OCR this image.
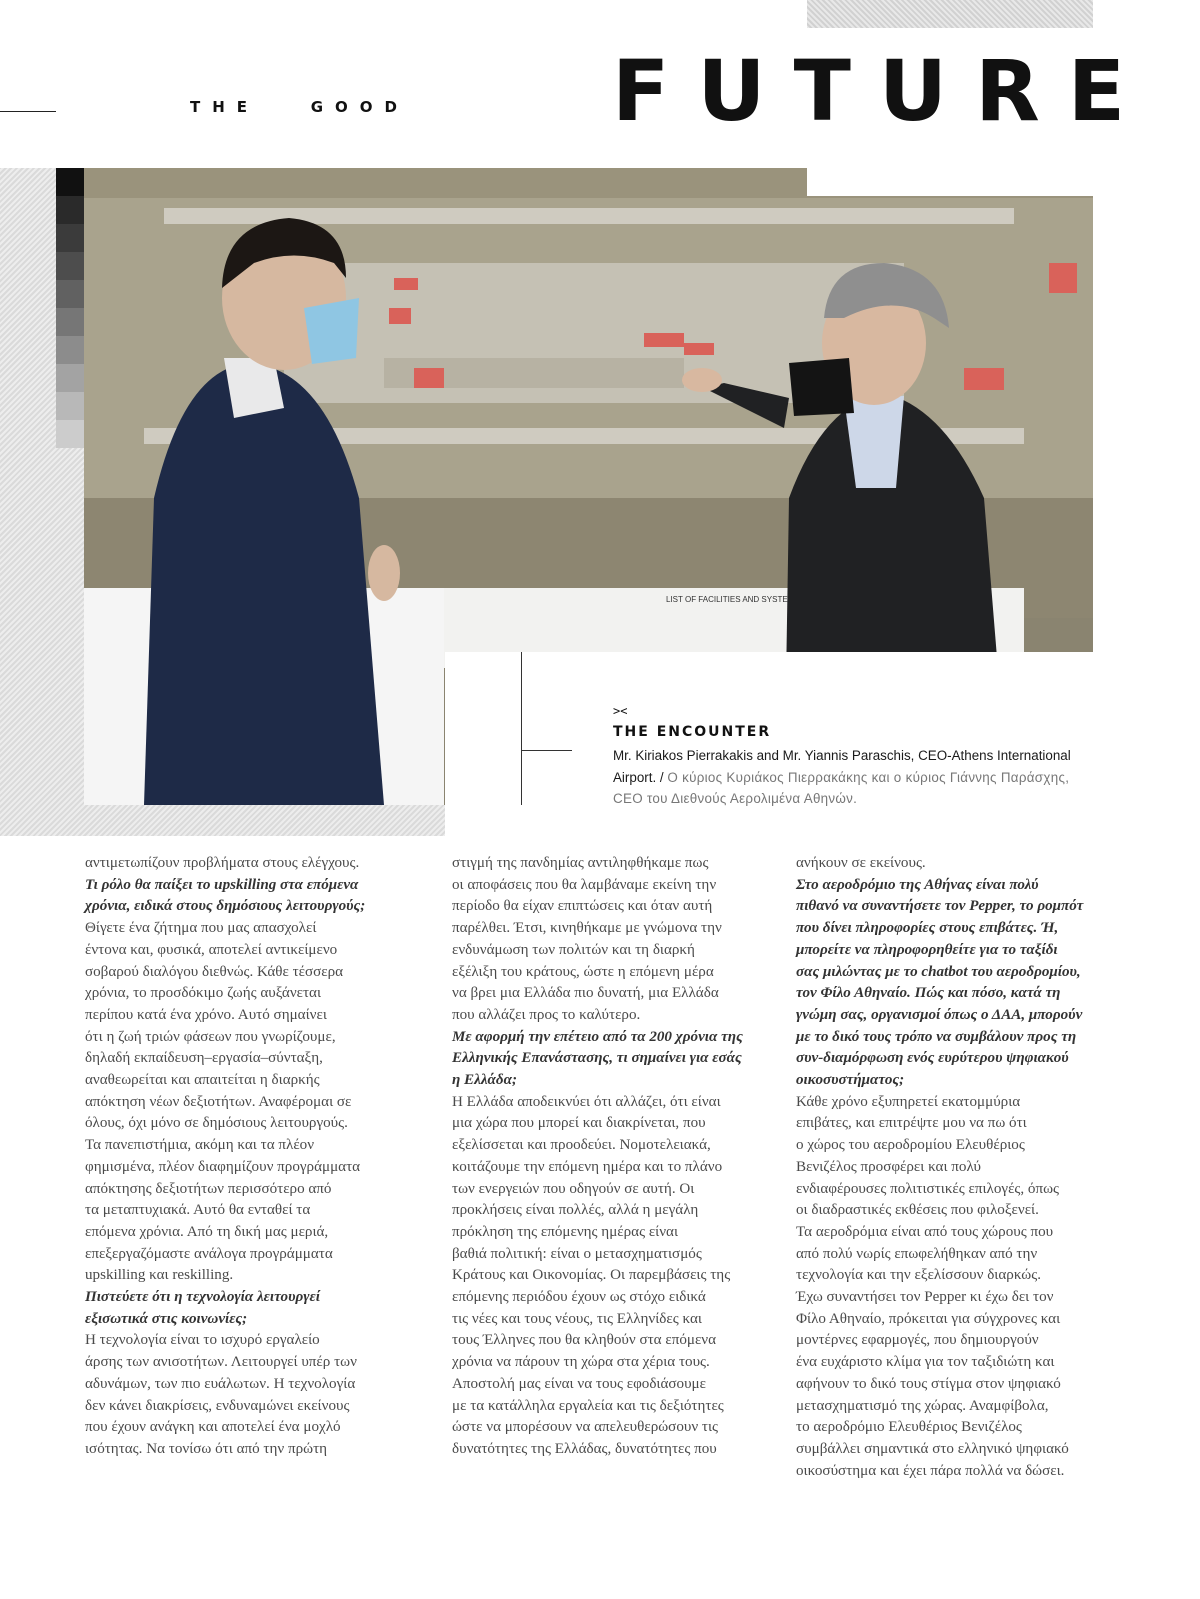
THE   GOOD FUTURE
LIST OF FACILITIES AND SYSTE
><
THE ENCOUNTER
Mr. Kiriakos Pierrakakis and Mr. Yiannis Paraschis, CEO-Athens International Airport. / Ο κύριος Κυριάκος Πιερρακάκης και ο κύριος Γιάννης Παράσχης, CEO του Διεθνούς Αερολιμένα Αθηνών.

αντιμετωπίζουν προβλήματα στους ελέγχους.

Τι ρόλο θα παίξει το upskilling στα επόμενα

χρόνια, ειδικά στους δημόσιους λειτουργούς;

Θίγετε ένα ζήτημα που μας απασχολεί

έντονα και, φυσικά, αποτελεί αντικείμενο

σοβαρού διαλόγου διεθνώς. Κάθε τέσσερα

χρόνια, το προσδόκιμο ζωής αυξάνεται

περίπου κατά ένα χρόνο. Αυτό σημαίνει

ότι η ζωή τριών φάσεων που γνωρίζουμε,

δηλαδή εκπαίδευση–εργασία–σύνταξη,

αναθεωρείται και απαιτείται η διαρκής

απόκτηση νέων δεξιοτήτων. Αναφέρομαι σε

όλους, όχι μόνο σε δημόσιους λειτουργούς.

Τα πανεπιστήμια, ακόμη και τα πλέον

φημισμένα, πλέον διαφημίζουν προγράμματα

απόκτησης δεξιοτήτων περισσότερο από

τα μεταπτυχιακά. Αυτό θα ενταθεί τα

επόμενα χρόνια. Από τη δική μας μεριά,

επεξεργαζόμαστε ανάλογα προγράμματα

upskilling και reskilling.

Πιστεύετε ότι η τεχνολογία λειτουργεί

εξισωτικά στις κοινωνίες;

Η τεχνολογία είναι το ισχυρό εργαλείο

άρσης των ανισοτήτων. Λειτουργεί υπέρ των

αδυνάμων, των πιο ευάλωτων. Η τεχνολογία

δεν κάνει διακρίσεις, ενδυναμώνει εκείνους

που έχουν ανάγκη και αποτελεί ένα μοχλό

ισότητας. Να τονίσω ότι από την πρώτη

στιγμή της πανδημίας αντιληφθήκαμε πως

οι αποφάσεις που θα λαμβάναμε εκείνη την

περίοδο θα είχαν επιπτώσεις και όταν αυτή

παρέλθει. Έτσι, κινηθήκαμε με γνώμονα την

ενδυνάμωση των πολιτών και τη διαρκή

εξέλιξη του κράτους, ώστε η επόμενη μέρα

να βρει μια Ελλάδα πιο δυνατή, μια Ελλάδα

που αλλάζει προς το καλύτερο.

Με αφορμή την επέτειο από τα 200 χρόνια της

Ελληνικής Επανάστασης, τι σημαίνει για εσάς

η Ελλάδα;

Η Ελλάδα αποδεικνύει ότι αλλάζει, ότι είναι

μια χώρα που μπορεί και διακρίνεται, που

εξελίσσεται και προοδεύει. Νομοτελειακά,

κοιτάζουμε την επόμενη ημέρα και το πλάνο

των ενεργειών που οδηγούν σε αυτή. Οι

προκλήσεις είναι πολλές, αλλά η μεγάλη

πρόκληση της επόμενης ημέρας είναι

βαθιά πολιτική: είναι ο μετασχηματισμός

Κράτους και Οικονομίας. Οι παρεμβάσεις της

επόμενης περιόδου έχουν ως στόχο ειδικά

τις νέες και τους νέους, τις Ελληνίδες και

τους Έλληνες που θα κληθούν στα επόμενα

χρόνια να πάρουν τη χώρα στα χέρια τους.

Αποστολή μας είναι να τους εφοδιάσουμε

με τα κατάλληλα εργαλεία και τις δεξιότητες

ώστε να μπορέσουν να απελευθερώσουν τις

δυνατότητες της Ελλάδας, δυνατότητες που

ανήκουν σε εκείνους.

Στο αεροδρόμιο της Αθήνας είναι πολύ

πιθανό να συναντήσετε τον Pepper, το ρομπότ

που δίνει πληροφορίες στους επιβάτες. Ή,

μπορείτε να πληροφορηθείτε για το ταξίδι

σας μιλώντας με το chatbot του αεροδρομίου,

τον Φίλο Αθηναίο. Πώς και πόσο, κατά τη

γνώμη σας, οργανισμοί όπως ο ΔΑΑ, μπορούν

με το δικό τους τρόπο να συμβάλουν προς τη

συν-διαμόρφωση ενός ευρύτερου ψηφιακού

οικοσυστήματος;

Κάθε χρόνο εξυπηρετεί εκατομμύρια

επιβάτες, και επιτρέψτε μου να πω ότι

ο χώρος του αεροδρομίου Ελευθέριος

Βενιζέλος προσφέρει και πολύ

ενδιαφέρουσες πολιτιστικές επιλογές, όπως

οι διαδραστικές εκθέσεις που φιλοξενεί.

Τα αεροδρόμια είναι από τους χώρους που

από πολύ νωρίς επωφελήθηκαν από την

τεχνολογία και την εξελίσσουν διαρκώς.

Έχω συναντήσει τον Pepper κι έχω δει τον

Φίλο Αθηναίο, πρόκειται για σύγχρονες και

μοντέρνες εφαρμογές, που δημιουργούν

ένα ευχάριστο κλίμα για τον ταξιδιώτη και

αφήνουν το δικό τους στίγμα στον ψηφιακό

μετασχηματισμό της χώρας. Αναμφίβολα,

το αεροδρόμιο Ελευθέριος Βενιζέλος

συμβάλλει σημαντικά στο ελληνικό ψηφιακό

οικοσύστημα και έχει πάρα πολλά να δώσει.
